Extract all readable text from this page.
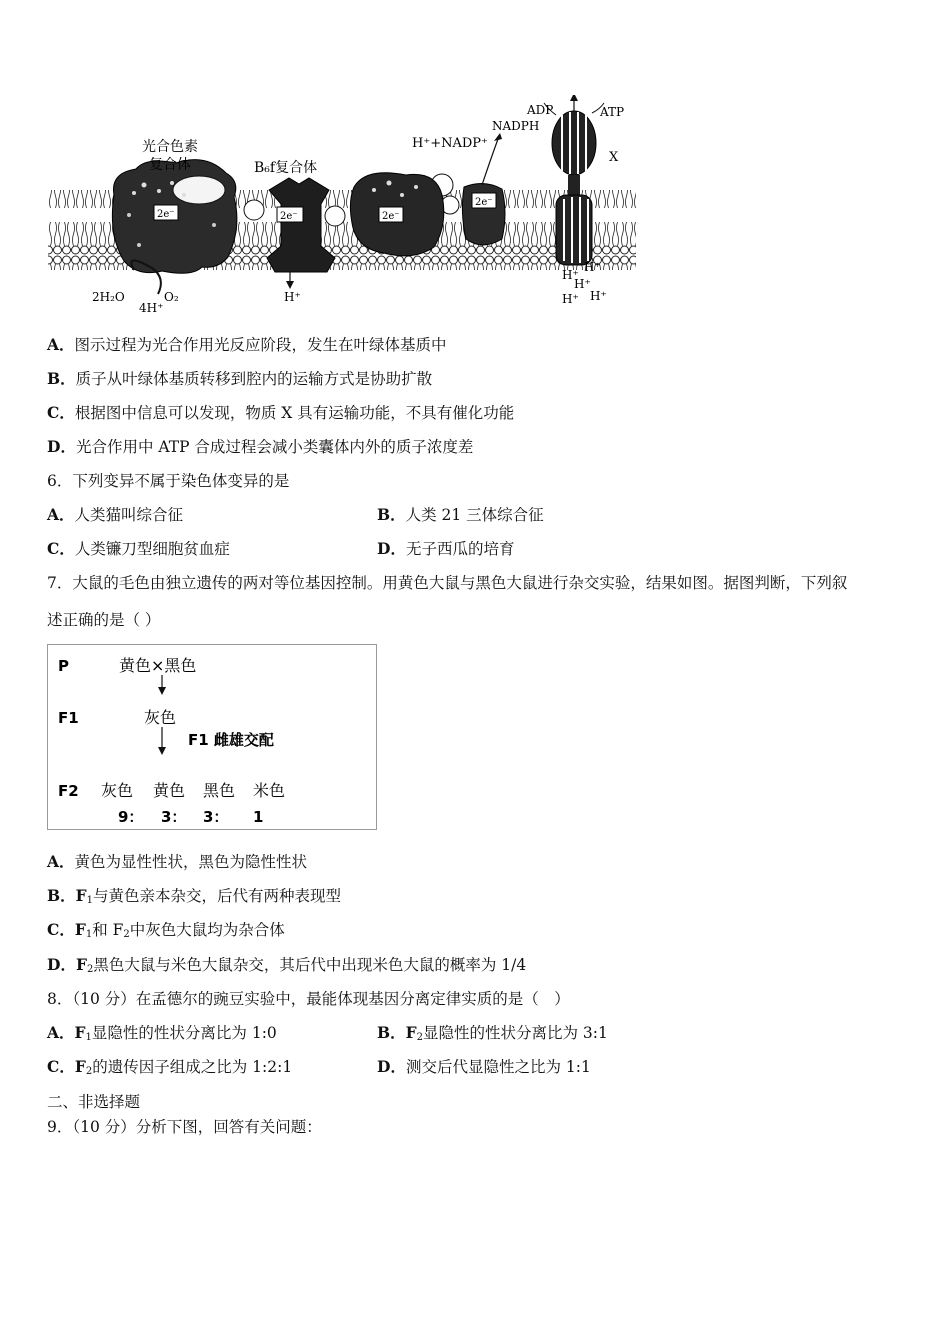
2e⁻
光合色素
复合体
2e⁻
B₆f复合体
H⁺
2e⁻
2e⁻
H⁺+NADP⁺
NADPH
ADP	ATP
X
2H₂O
4H⁺
O₂
H⁺
H⁺
H⁺
H⁺ H⁺
A．图示过程为光合作用光反应阶段，发生在叶绿体基质中
B．质子从叶绿体基质转移到腔内的运输方式是协助扩散
C．根据图中信息可以发现，物质 X 具有运输功能，不具有催化功能
D．光合作用中 ATP 合成过程会减小类囊体内外的质子浓度差
6．下列变异不属于染色体变异的是
A．人类猫叫综合征	B．人类 21 三体综合征
C．人类镰刀型细胞贫血症	D．无子西瓜的培育
7．大鼠的毛色由独立遗传的两对等位基因控制。用黄色大鼠与黑色大鼠进行杂交实验，结果如图。据图判断，下列叙
述正确的是（ ）
P	黄色×黑色
F1	灰色
F1 雌雄交配
F2 灰色 黄色 黑色 米色
9： 3： 3： 1
A．黄色为显性性状，黑色为隐性性状
B．$F_1$与黄色亲本杂交，后代有两种表现型
C．$F_1$和 $F_2$中灰色大鼠均为杂合体
D．$F_2$黑色大鼠与米色大鼠杂交，其后代中出现米色大鼠的概率为 1/4
8．（10 分）在孟德尔的豌豆实验中，最能体现基因分离定律实质的是（　）
A．$F_1$显隐性的性状分离比为 1:0	B．$F_2$显隐性的性状分离比为 3:1
C．$F_2$的遗传因子组成之比为 1:2:1	D．测交后代显隐性之比为 1:1
二、非选择题
9．（10 分）分析下图，回答有关问题：
